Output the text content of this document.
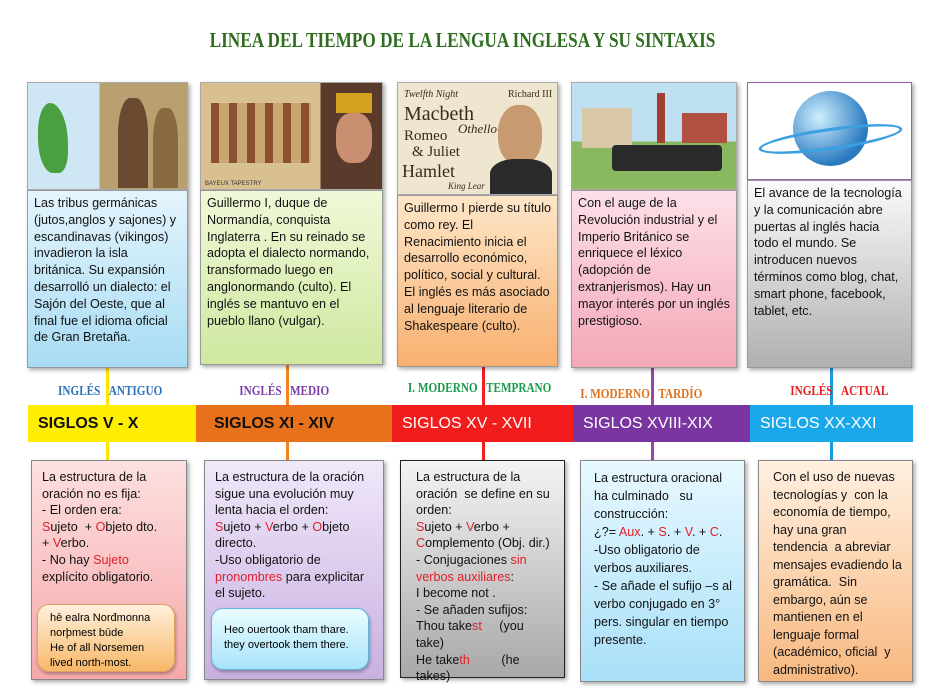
LINEA DEL TIEMPO DE LA LENGUA INGLESA Y SU SINTAXIS
Las tribus germánicas (jutos,anglos y sajones) y escandinavas (vikingos) invadieron la isla británica. Su expansión desarrolló un dialecto: el Sajón del Oeste, que al final fue el idioma oficial de Gran Bretaña.
BAYEUX TAPESTRY
Guillermo I, duque de Normandía, conquista Inglaterra . En su reinado se adopta el dialecto normando, transformado luego en anglonormando (culto). El inglés se mantuvo en el pueblo llano (vulgar).
Twelfth Night
Macbeth
Othello
Romeo
& Juliet
Hamlet
Richard III
King Lear
Guillermo I pierde su título como rey. El Renacimiento inicia el desarrollo económico, político, social y cultural. El inglés es más asociado al lenguaje literario de Shakespeare (culto).
Con el auge de la Revolución industrial y el Imperio Británico se enriquece el léxico (adopción de extranjerismos). Hay un mayor interés por un inglés prestigioso.
El avance de la tecnología y la comunicación abre puertas al inglés hacia todo el mundo. Se introducen nuevos términos como blog, chat, smart phone, facebook, tablet, etc.
INGLÉS ANTIGUO	INGLÉS MEDIO	I. MODERNO TEMPRANO I. MODERNO TARDÍO	INGLÉS ACTUAL
SIGLOS V - X	SIGLOS XI - XIV	SIGLOS XV - XVII	SIGLOS XVIII-XIX	SIGLOS XX-XXI
La estructura de la oración no es fija:
- El orden era:
Sujeto  + Objeto dto.
+ Verbo.
- No hay Sujeto
explícito obligatorio.
hē ealra Norđmonna
norþmest būde
He of all Norsemen
lived north-most.
La estructura de la oración sigue una evolución muy lenta hacia el orden:
Sujeto + Verbo + Objeto directo.
-Uso obligatorio de
pronombres para explicitar el sujeto.
Heo ouertook tham thare.
they overtook them there.
La estructura de la oración  se define en su orden:
Sujeto + Verbo +
Complemento (Obj. dir.)
- Conjugaciones sin verbos auxiliares:
I become not .
- Se añaden sufijos:
Thou takest     (you take)
He taketh         (he takes)
La estructura oracional  ha culminado   su construcción:
¿?= Aux. + S. + V. + C.
-Uso obligatorio de verbos auxiliares.
- Se añade el sufijo –s al verbo conjugado en 3°  pers. singular en tiempo presente.
Con el uso de nuevas tecnologías y  con la economía de tiempo, hay una gran tendencia  a abreviar mensajes evadiendo la gramática.  Sin embargo, aún se mantienen en el lenguaje formal (académico, oficial  y administrativo).
